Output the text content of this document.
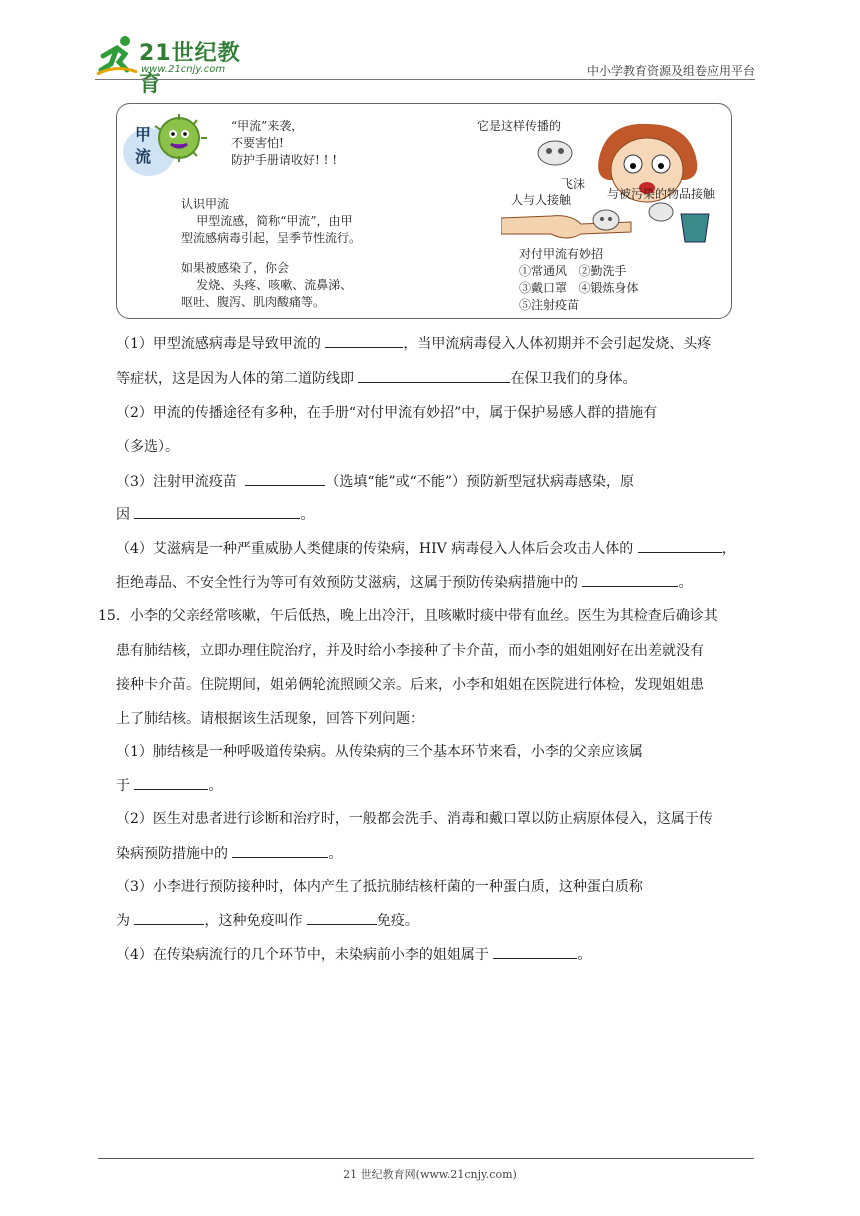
21世纪教育
www.21cnjy.com	中小学教育资源及组卷应用平台
甲
流
“甲流”来袭，
不要害怕!
防护手册请收好! ! !
它是这样传播的
飞沫
与被污染的物品接触
人与人接触
认识甲流
甲型流感，简称“甲流”，由甲
型流感病毒引起，呈季节性流行。
如果被感染了，你会
发烧、头疼、咳嗽、流鼻涕、
呕吐、腹泻、肌肉酸痛等。
对付甲流有妙招
①常通风   ②勤洗手
③戴口罩   ④锻炼身体
⑤注射疫苗
（1）甲型流感病毒是导致甲流的	，当甲流病毒侵入人体初期并不会引起发烧、头疼
等症状，这是因为人体的第二道防线即	在保卫我们的身体。
（2）甲流的传播途径有多种，在手册“对付甲流有妙招”中，属于保护易感人群的措施有
（多选）。
（3）注射甲流疫苗	（选填“能”或“不能”）预防新型冠状病毒感染，原
因	。
（4）艾滋病是一种严重威胁人类健康的传染病，HIV 病毒侵入人体后会攻击人体的	，
拒绝毒品、不安全性行为等可有效预防艾滋病，这属于预防传染病措施中的	。
15．小李的父亲经常咳嗽，午后低热，晚上出冷汗，且咳嗽时痰中带有血丝。医生为其检查后确诊其
患有肺结核，立即办理住院治疗，并及时给小李接种了卡介苗，而小李的姐姐刚好在出差就没有
接种卡介苗。住院期间，姐弟俩轮流照顾父亲。后来，小李和姐姐在医院进行体检，发现姐姐患
上了肺结核。请根据该生活现象，回答下列问题：
（1）肺结核是一种呼吸道传染病。从传染病的三个基本环节来看，小李的父亲应该属
于	。
（2）医生对患者进行诊断和治疗时，一般都会洗手、消毒和戴口罩以防止病原体侵入，这属于传
染病预防措施中的	。
（3）小李进行预防接种时，体内产生了抵抗肺结核杆菌的一种蛋白质，这种蛋白质称
为	，这种免疫叫作	免疫。
（4）在传染病流行的几个环节中，未染病前小李的姐姐属于	。
21 世纪教育网(www.21cnjy.com)
